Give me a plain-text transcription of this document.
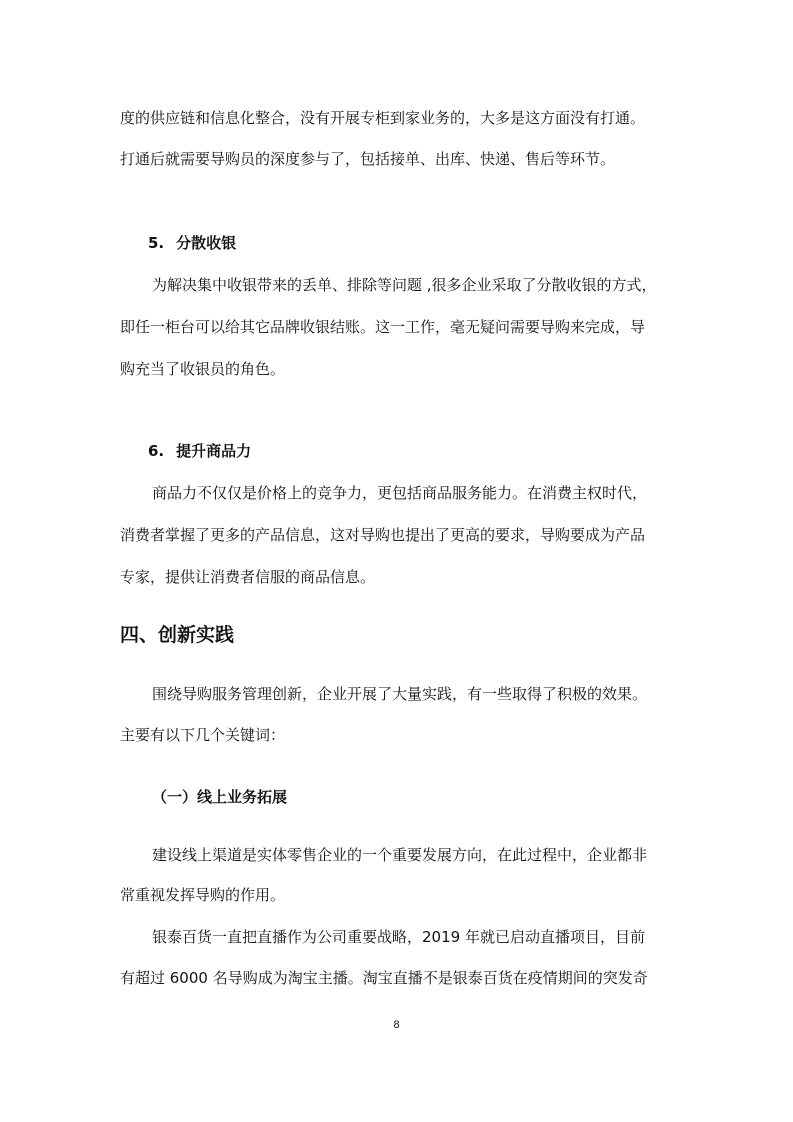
度的供应链和信息化整合，没有开展专柜到家业务的，大多是这方面没有打通。
打通后就需要导购员的深度参与了，包括接单、出库、快递、售后等环节。
5. 分散收银
为解决集中收银带来的丢单、排除等问题 ,很多企业采取了分散收银的方式，
即任一柜台可以给其它品牌收银结账。这一工作，毫无疑问需要导购来完成，导
购充当了收银员的角色。
6. 提升商品力
商品力不仅仅是价格上的竞争力，更包括商品服务能力。在消费主权时代，
消费者掌握了更多的产品信息，这对导购也提出了更高的要求，导购要成为产品
专家，提供让消费者信服的商品信息。
四、创新实践
围绕导购服务管理创新，企业开展了大量实践，有一些取得了积极的效果。
主要有以下几个关键词：
（一）线上业务拓展
建设线上渠道是实体零售企业的一个重要发展方向，在此过程中，企业都非
常重视发挥导购的作用。
银泰百货一直把直播作为公司重要战略，2019 年就已启动直播项目，目前
有超过 6000 名导购成为淘宝主播。淘宝直播不是银泰百货在疫情期间的突发奇
8
